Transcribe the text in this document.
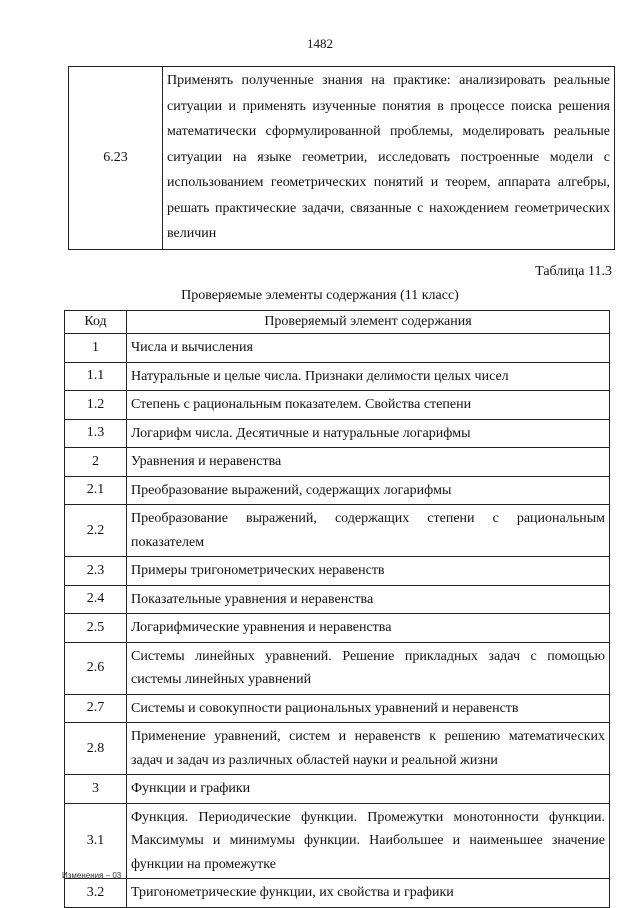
1482
6.23	Применять полученные знания на практике: анализировать реальные ситуации и применять изученные понятия в процессе поиска решения математически сформулированной проблемы, моделировать реальные ситуации на языке геометрии, исследовать построенные модели с использованием геометрических понятий и теорем, аппарата алгебры, решать практические задачи, связанные с нахождением геометрических величин
Таблица 11.3
Проверяемые элементы содержания (11 класс)
Код	Проверяемый элемент содержания
1	Числа и вычисления
1.1	Натуральные и целые числа. Признаки делимости целых чисел
1.2	Степень с рациональным показателем. Свойства степени
1.3	Логарифм числа. Десятичные и натуральные логарифмы
2	Уравнения и неравенства
2.1	Преобразование выражений, содержащих логарифмы
2.2	Преобразование выражений, содержащих степени с рациональным показателем
2.3	Примеры тригонометрических неравенств
2.4	Показательные уравнения и неравенства
2.5	Логарифмические уравнения и неравенства
2.6	Системы линейных уравнений. Решение прикладных задач с помощью системы линейных уравнений
2.7	Системы и совокупности рациональных уравнений и неравенств
2.8	Применение уравнений, систем и неравенств к решению математических задач и задач из различных областей науки и реальной жизни
3	Функции и графики
3.1	Функция. Периодические функции. Промежутки монотонности функции. Максимумы и минимумы функции. Наибольшее и наименьшее значение функции на промежутке
3.2	Тригонометрические функции, их свойства и графики
Изменения – 03
